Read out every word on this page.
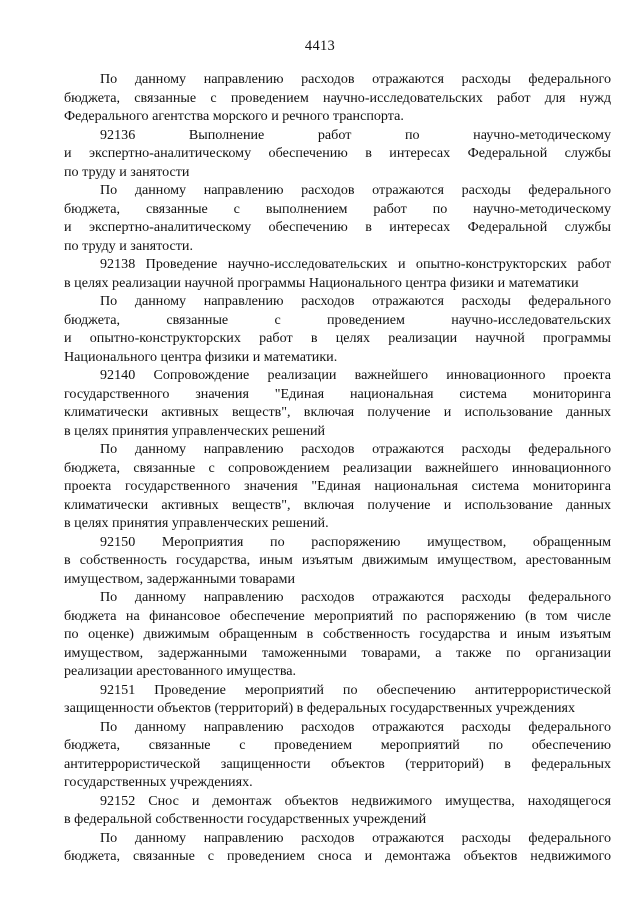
4413
По данному направлению расходов отражаются расходы федерального
бюджета, связанные с проведением научно-исследовательских работ для нужд
Федерального агентства морского и речного транспорта.
92136 Выполнение работ по научно-методическому
и экспертно-аналитическому обеспечению в интересах Федеральной службы
по труду и занятости
По данному направлению расходов отражаются расходы федерального
бюджета, связанные с выполнением работ по научно-методическому
и экспертно-аналитическому обеспечению в интересах Федеральной службы
по труду и занятости.
92138 Проведение научно-исследовательских и опытно-конструкторских работ
в целях реализации научной программы Национального центра физики и математики
По данному направлению расходов отражаются расходы федерального
бюджета, связанные с проведением научно-исследовательских
и опытно-конструкторских работ в целях реализации научной программы
Национального центра физики и математики.
92140 Сопровождение реализации важнейшего инновационного проекта
государственного значения "Единая национальная система мониторинга
климатически активных веществ", включая получение и использование данных
в целях принятия управленческих решений
По данному направлению расходов отражаются расходы федерального
бюджета, связанные с сопровождением реализации важнейшего инновационного
проекта государственного значения "Единая национальная система мониторинга
климатически активных веществ", включая получение и использование данных
в целях принятия управленческих решений.
92150 Мероприятия по распоряжению имуществом, обращенным
в собственность государства, иным изъятым движимым имуществом, арестованным
имуществом, задержанными товарами
По данному направлению расходов отражаются расходы федерального
бюджета на финансовое обеспечение мероприятий по распоряжению (в том числе
по оценке) движимым обращенным в собственность государства и иным изъятым
имуществом, задержанными таможенными товарами, а также по организации
реализации арестованного имущества.
92151 Проведение мероприятий по обеспечению антитеррористической
защищенности объектов (территорий) в федеральных государственных учреждениях
По данному направлению расходов отражаются расходы федерального
бюджета, связанные с проведением мероприятий по обеспечению
антитеррористической защищенности объектов (территорий) в федеральных
государственных учреждениях.
92152 Снос и демонтаж объектов недвижимого имущества, находящегося
в федеральной собственности государственных учреждений
По данному направлению расходов отражаются расходы федерального
бюджета, связанные с проведением сноса и демонтажа объектов недвижимого
